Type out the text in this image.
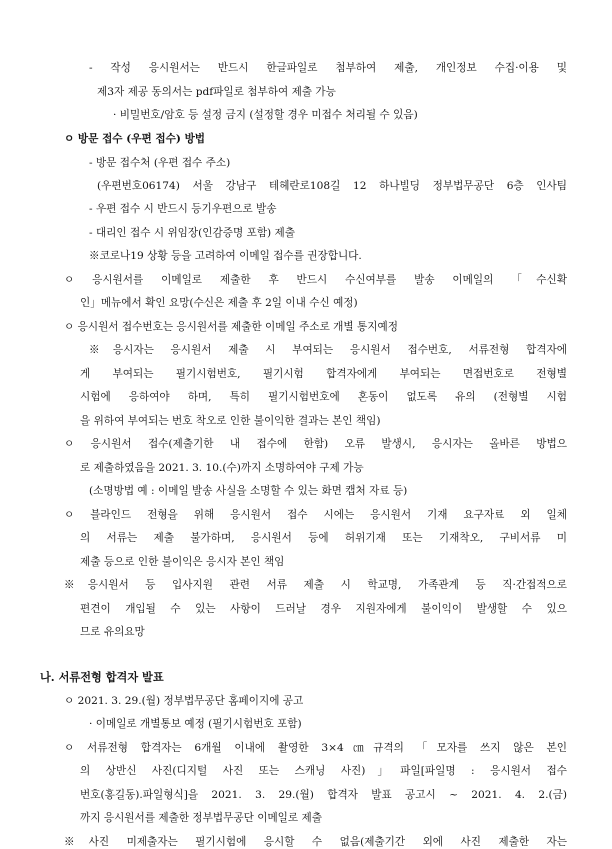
- 작성 응시원서는 반드시 한글파일로 첨부하여 제출, 개인정보 수집·이용 및
제3자 제공 동의서는 pdf파일로 첨부하여 제출 가능
· 비밀번호/암호 등 설정 금지 (설정할 경우 미접수 처리될 수 있음)
ㅇ 방문 접수 (우편 접수) 방법
- 방문 접수처 (우편 접수 주소)
(우편번호06174) 서울 강남구 테헤란로108길 12 하나빌딩 정부법무공단 6층 인사팀
- 우편 접수 시 반드시 등기우편으로 발송
- 대리인 접수 시 위임장(인감증명 포함) 제출
※코로나19 상황 등을 고려하여 이메일 접수를 권장합니다.
ㅇ 응시원서를 이메일로 제출한 후 반드시 수신여부를 발송 이메일의 「수신확
인」메뉴에서 확인 요망(수신은 제출 후 2일 이내 수신 예정)
ㅇ 응시원서 접수번호는 응시원서를 제출한 이메일 주소로 개별 통지예정
※응시자는 응시원서 제출 시 부여되는 응시원서 접수번호, 서류전형 합격자에
게 부여되는 필기시험번호, 필기시험 합격자에게 부여되는 면접번호로 전형별
시험에 응하여야 하며, 특히 필기시험번호에 혼동이 없도록 유의 (전형별 시험
을 위하여 부여되는 번호 착오로 인한 불이익한 결과는 본인 책임)
ㅇ 응시원서 접수(제출기한 내 접수에 한함) 오류 발생시, 응시자는 올바른 방법으
로 제출하였음을 2021. 3. 10.(수)까지 소명하여야 구제 가능
(소명방법 예 : 이메일 발송 사실을 소명할 수 있는 화면 캡처 자료 등)
ㅇ 블라인드 전형을 위해 응시원서 접수 시에는 응시원서 기재 요구자료 외 일체
의 서류는 제출 불가하며, 응시원서 등에 허위기재 또는 기재착오, 구비서류 미
제출 등으로 인한 불이익은 응시자 본인 책임
※응시원서 등 입사지원 관련 서류 제출 시 학교명, 가족관계 등 직·간접적으로
편견이 개입될 수 있는 사항이 드러날 경우 지원자에게 불이익이 발생할 수 있으
므로 유의요망
나. 서류전형 합격자 발표
ㅇ 2021. 3. 29.(월) 정부법무공단 홈페이지에 공고
· 이메일로 개별통보 예정 (필기시험번호 포함)
ㅇ 서류전형 합격자는 6개월 이내에 촬영한 3×4㎝규격의 「모자를 쓰지 않은 본인
의 상반신 사진(디지털 사진 또는 스캐닝 사진)」파일[파일명 : 응시원서 접수
번호(홍길동).파일형식]을 2021. 3. 29.(월) 합격자 발표 공고시 ~ 2021. 4. 2.(금)
까지 응시원서를 제출한 정부법무공단 이메일로 제출
※사진 미제출자는 필기시험에 응시할 수 없음(제출기간 외에 사진 제출한 자는
